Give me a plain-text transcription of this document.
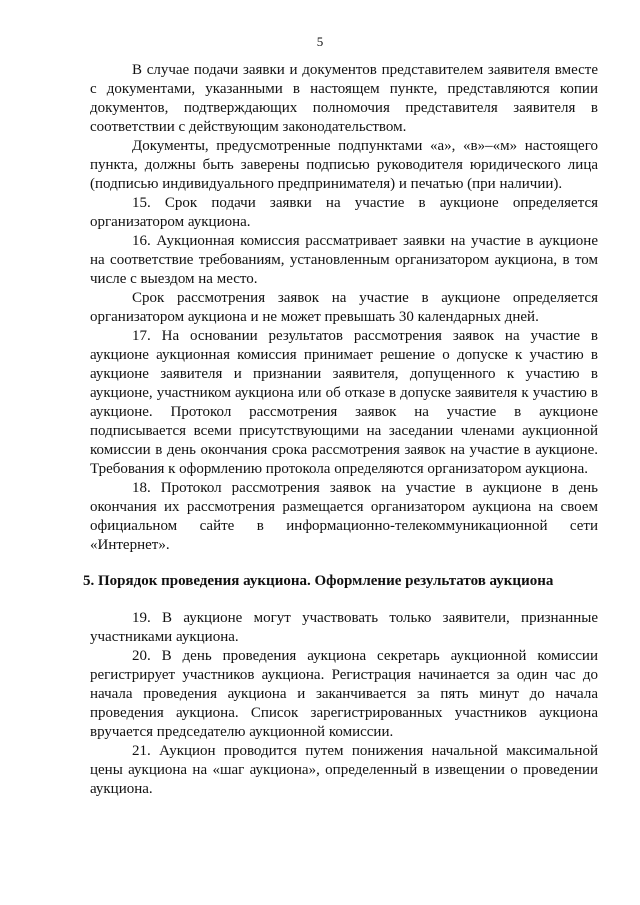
5

В случае подачи заявки и документов представителем заявителя вместе с документами, указанными в настоящем пункте, представляются копии документов, подтверждающих полномочия представителя заявителя в соответствии с действующим законодательством.

Документы, предусмотренные подпунктами «а», «в»–«м» настоящего пункта, должны быть заверены подписью руководителя юридического лица (подписью индивидуального предпринимателя) и печатью (при наличии).

15. Срок подачи заявки на участие в аукционе определяется организатором аукциона.

16. Аукционная комиссия рассматривает заявки на участие в аукционе на соответствие требованиям, установленным организатором аукциона, в том числе с выездом на место.

Срок рассмотрения заявок на участие в аукционе определяется организатором аукциона и не может превышать 30 календарных дней.

17. На основании результатов рассмотрения заявок на участие в аукционе аукционная комиссия принимает решение о допуске к участию в аукционе заявителя и признании заявителя, допущенного к участию в аукционе, участником аукциона или об отказе в допуске заявителя к участию в аукционе. Протокол рассмотрения заявок на участие в аукционе подписывается всеми присутствующими на заседании членами аукционной комиссии в день окончания срока рассмотрения заявок на участие в аукционе. Требования к оформлению протокола определяются организатором аукциона.

18. Протокол рассмотрения заявок на участие в аукционе в день окончания их рассмотрения размещается организатором аукциона на своем официальном сайте в информационно-телекоммуникационной сети «Интернет».

5. Порядок проведения аукциона. Оформление результатов аукциона

19. В аукционе могут участвовать только заявители, признанные участниками аукциона.

20. В день проведения аукциона секретарь аукционной комиссии регистрирует участников аукциона. Регистрация начинается за один час до начала проведения аукциона и заканчивается за пять минут до начала проведения аукциона. Список зарегистрированных участников аукциона вручается председателю аукционной комиссии.

21. Аукцион проводится путем понижения начальной максимальной цены аукциона на «шаг аукциона», определенный в извещении о проведении аукциона.
